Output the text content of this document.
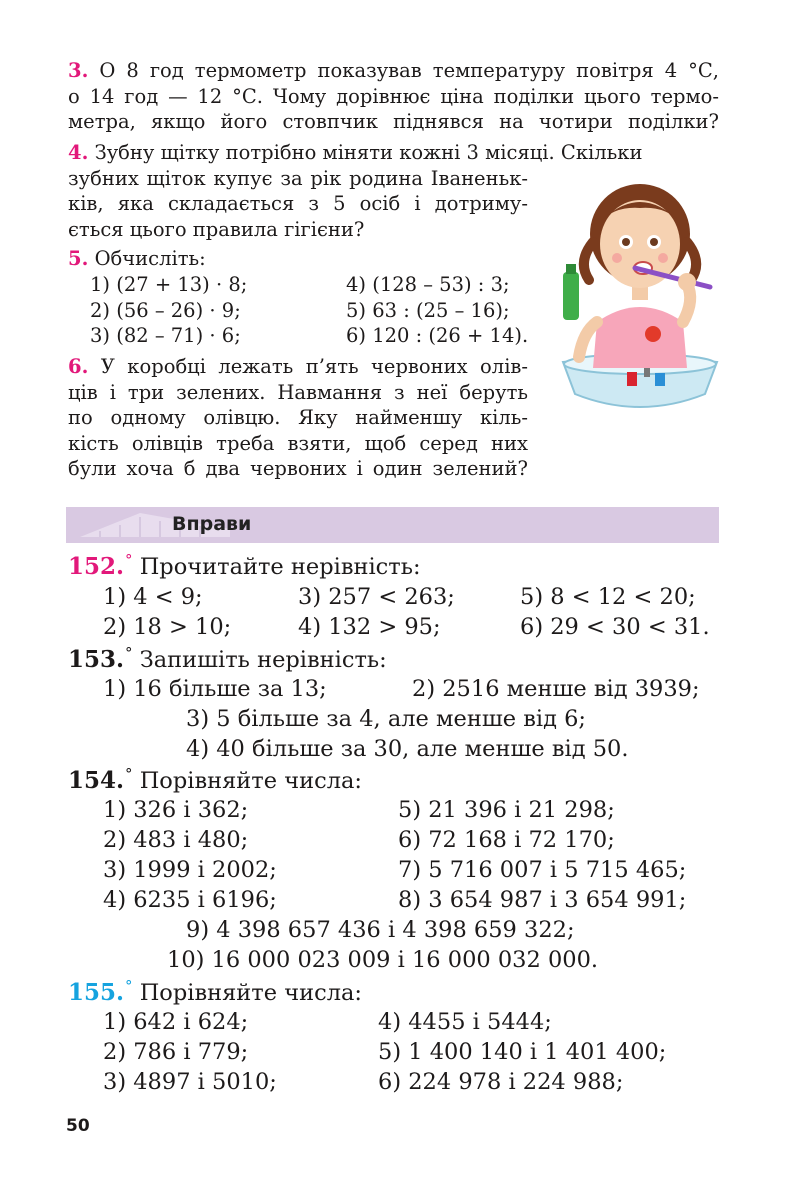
3. О 8 год термометр показував температуру повітря 4 °С,
о 14 год — 12 °С. Чому дорівнює ціна поділки цього термо-
метра, якщо його стовпчик піднявся на чотири поділки?
4. Зубну щітку потрібно міняти кожні 3 місяці. Скільки
зубних щіток купує за рік родина Іваненьк-
ків, яка складається з 5 осіб і дотриму-
ється цього правила гігієни?
5. Обчисліть:
1) (27 + 13) · 8;
2) (56 – 26) · 9;
3) (82 – 71) · 6;
4) (128 – 53) : 3;
5) 63 : (25 – 16);
6) 120 : (26 + 14).
6. У коробці лежать п’ять червоних олів-
ців і три зелених. Навмання з неї беруть
по одному олівцю. Яку найменшу кіль-
кість олівців треба взяти, щоб серед них
були хоча б два червоних і один зелений?
Вправи
152.° Прочитайте нерівність:
1) 4 < 9;	3) 257 < 263;	5) 8 < 12 < 20;
2) 18 > 10;	4) 132 > 95;	6) 29 < 30 < 31.
153.° Запишіть нерівність:
1) 16 більше за 13;	2) 2516 менше від 3939;
3) 5 більше за 4, але менше від 6;
4) 40 більше за 30, але менше від 50.
154.° Порівняйте числа:
1) 326 і 362;	5) 21 396 і 21 298;
2) 483 і 480;	6) 72 168 і 72 170;
3) 1999 і 2002;	7) 5 716 007 і 5 715 465;
4) 6235 і 6196;	8) 3 654 987 і 3 654 991;
9) 4 398 657 436 і 4 398 659 322;
10) 16 000 023 009 і 16 000 032 000.
155.° Порівняйте числа:
1) 642 і 624;	4) 4455 і 5444;
2) 786 і 779;	5) 1 400 140 і 1 401 400;
3) 4897 і 5010;	6) 224 978 і 224 988;
50
